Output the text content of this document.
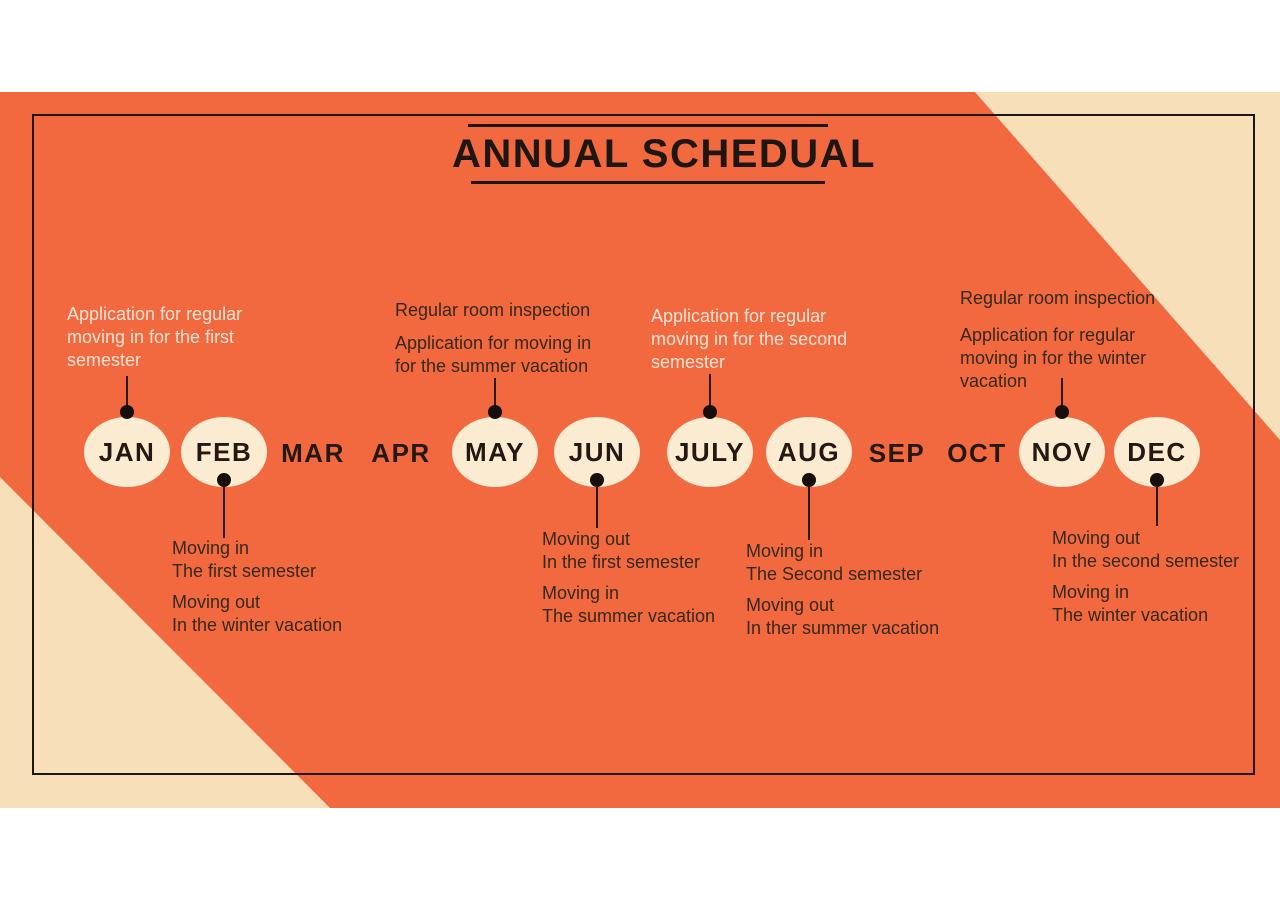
ANNUAL SCHEDUAL
Application for regular moving in for the first semester
Regular room inspection
Application for moving in for the summer vacation
Application for regular moving in for the second semester
Regular room inspection
Application for regular moving in for the winter vacation
JAN FEB MAR APR MAY JUN JULY AUG SEP OCT NOV DEC
Moving in
The first semester
Moving out
In the winter vacation
Moving out
In the first semester
Moving in
The summer vacation
Moving in
The Second semester
Moving out
In ther summer vacation
Moving out
In the second semester
Moving in
The winter vacation
